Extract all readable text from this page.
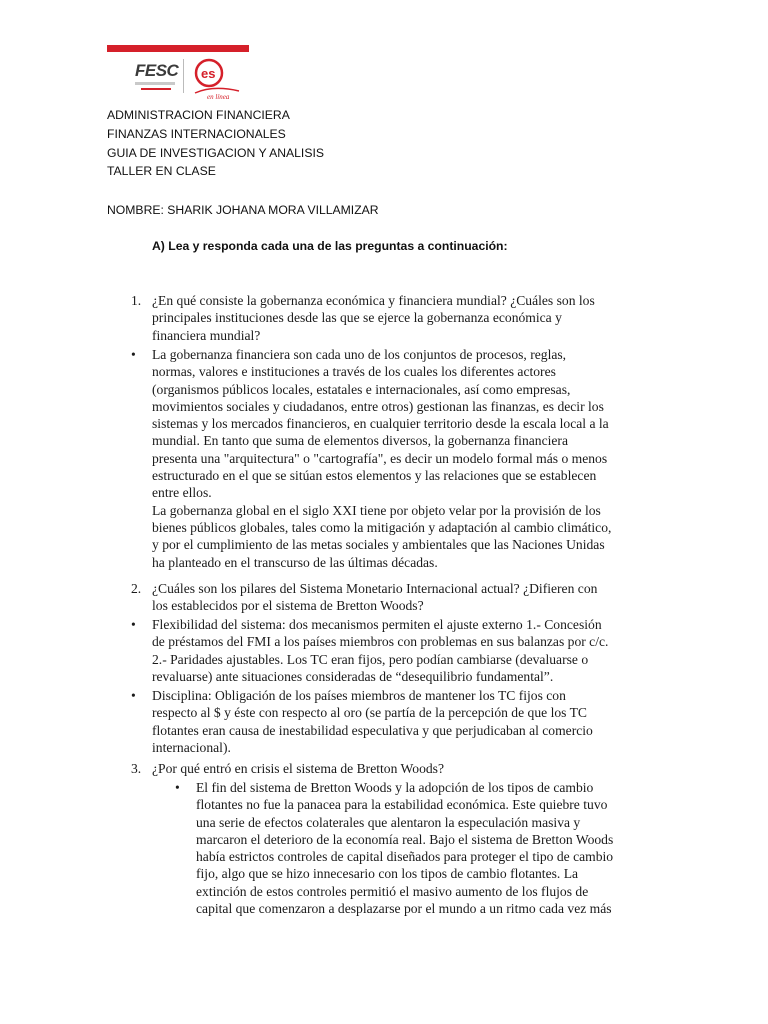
FESC es
en línea
ADMINISTRACION FINANCIERA
FINANZAS INTERNACIONALES
GUIA DE INVESTIGACION Y ANALISIS
TALLER EN CLASE
NOMBRE: SHARIK JOHANA MORA VILLAMIZAR
A) Lea y responda cada una de las preguntas a continuación:
1. ¿En qué consiste la gobernanza económica y financiera mundial? ¿Cuáles son los
principales instituciones desde las que se ejerce la gobernanza económica y
financiera mundial?
• La gobernanza financiera son cada uno de los conjuntos de procesos, reglas,
normas, valores e instituciones a través de los cuales los diferentes actores
(organismos públicos locales, estatales e internacionales, así como empresas,
movimientos sociales y ciudadanos, entre otros) gestionan las finanzas, es decir los
sistemas y los mercados financieros, en cualquier territorio desde la escala local a la
mundial. En tanto que suma de elementos diversos, la gobernanza financiera
presenta una "arquitectura" o "cartografía", es decir un modelo formal más o menos
estructurado en el que se sitúan estos elementos y las relaciones que se establecen
entre ellos.
La gobernanza global en el siglo XXI tiene por objeto velar por la provisión de los
bienes públicos globales, tales como la mitigación y adaptación al cambio climático,
y por el cumplimiento de las metas sociales y ambientales que las Naciones Unidas
ha planteado en el transcurso de las últimas décadas.
2. ¿Cuáles son los pilares del Sistema Monetario Internacional actual? ¿Difieren con
los establecidos por el sistema de Bretton Woods?
• Flexibilidad del sistema: dos mecanismos permiten el ajuste externo 1.- Concesión
de préstamos del FMI a los países miembros con problemas en sus balanzas por c/c.
2.- Paridades ajustables. Los TC eran fijos, pero podían cambiarse (devaluarse o
revaluarse) ante situaciones consideradas de “desequilibrio fundamental”.
• Disciplina: Obligación de los países miembros de mantener los TC fijos con
respecto al $ y éste con respecto al oro (se partía de la percepción de que los TC
flotantes eran causa de inestabilidad especulativa y que perjudicaban al comercio
internacional).
3. ¿Por qué entró en crisis el sistema de Bretton Woods?
• El fin del sistema de Bretton Woods y la adopción de los tipos de cambio
flotantes no fue la panacea para la estabilidad económica. Este quiebre tuvo
una serie de efectos colaterales que alentaron la especulación masiva y
marcaron el deterioro de la economía real. Bajo el sistema de Bretton Woods
había estrictos controles de capital diseñados para proteger el tipo de cambio
fijo, algo que se hizo innecesario con los tipos de cambio flotantes. La
extinción de estos controles permitió el masivo aumento de los flujos de
capital que comenzaron a desplazarse por el mundo a un ritmo cada vez más
